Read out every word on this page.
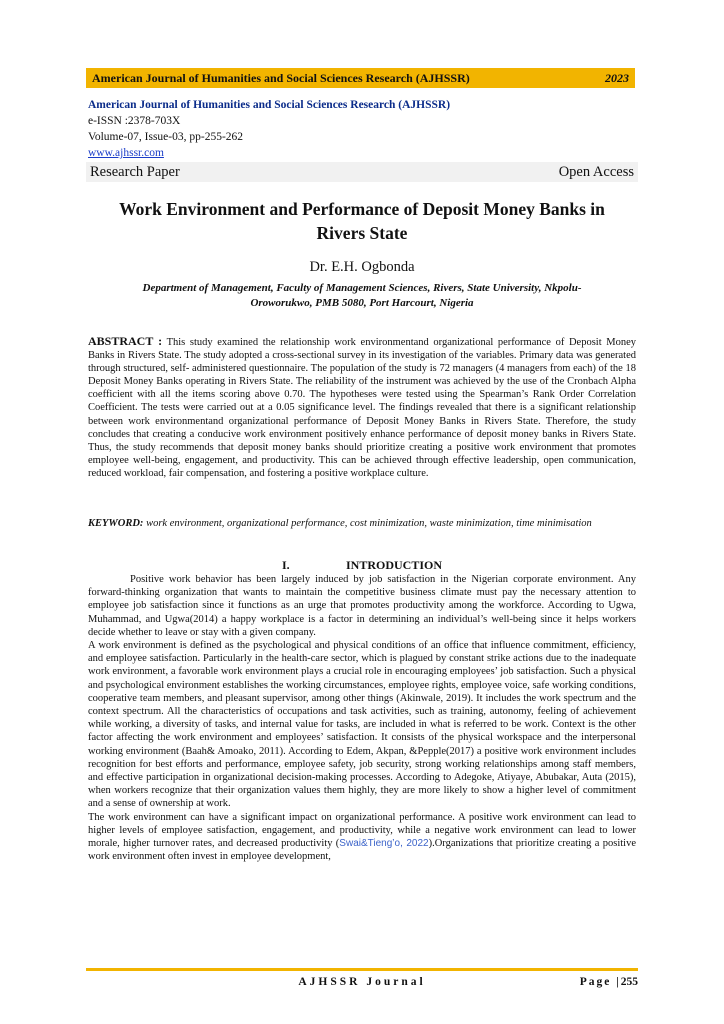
American Journal of Humanities and Social Sciences Research (AJHSSR)	2023
American Journal of Humanities and Social Sciences Research (AJHSSR)
e-ISSN :2378-703X
Volume-07, Issue-03, pp-255-262
www.ajhssr.com
Research Paper	Open Access
Work Environment and Performance of Deposit Money Banks in
Rivers State
Dr. E.H. Ogbonda
Department of Management, Faculty of Management Sciences, Rivers, State University, Nkpolu-
Oroworukwo, PMB 5080, Port Harcourt, Nigeria
ABSTRACT : This study examined the relationship work environmentand organizational performance of Deposit Money Banks in Rivers State. The study adopted a cross-sectional survey in its investigation of the variables. Primary data was generated through structured, self- administered questionnaire. The population of the study is 72 managers (4 managers from each) of the 18 Deposit Money Banks operating in Rivers State. The reliability of the instrument was achieved by the use of the Cronbach Alpha coefficient with all the items scoring above 0.70. The hypotheses were tested using the Spearman’s Rank Order Correlation Coefficient. The tests were carried out at a 0.05 significance level. The findings revealed that there is a significant relationship between work environmentand organizational performance of Deposit Money Banks in Rivers State. Therefore, the study concludes that creating a conducive work environment positively enhance performance of deposit money banks in Rivers State. Thus, the study recommends that deposit money banks should prioritize creating a positive work environment that promotes employee well-being, engagement, and productivity. This can be achieved through effective leadership, open communication, reduced workload, fair compensation, and fostering a positive workplace culture.
KEYWORD: work environment, organizational performance, cost minimization, waste minimization, time minimisation
I.	INTRODUCTION

Positive work behavior has been largely induced by job satisfaction in the Nigerian corporate environment. Any forward-thinking organization that wants to maintain the competitive business climate must pay the necessary attention to employee job satisfaction since it functions as an urge that promotes productivity among the workforce. According to Ugwa, Muhammad, and Ugwa(2014) a happy workplace is a factor in determining an individual’s well-being since it helps workers decide whether to leave or stay with a given company.

A work environment is defined as the psychological and physical conditions of an office that influence commitment, efficiency, and employee satisfaction. Particularly in the health-care sector, which is plagued by constant strike actions due to the inadequate work environment, a favorable work environment plays a crucial role in encouraging employees’ job satisfaction. Such a physical and psychological environment establishes the working circumstances, employee rights, employee voice, safe working conditions, cooperative team members, and pleasant supervisor, among other things (Akinwale, 2019). It includes the work spectrum and the context spectrum. All the characteristics of occupations and task activities, such as training, autonomy, feeling of achievement while working, a diversity of tasks, and internal value for tasks, are included in what is referred to be work. Context is the other factor affecting the work environment and employees’ satisfaction. It consists of the physical workspace and the interpersonal working environment (Baah& Amoako, 2011). According to Edem, Akpan, &Pepple(2017) a positive work environment includes recognition for best efforts and performance, employee safety, job security, strong working relationships among staff members, and effective participation in organizational decision-making processes. According to Adegoke, Atiyaye, Abubakar, Auta (2015), when workers recognize that their organization values them highly, they are more likely to show a higher level of commitment and a sense of ownership at work.

The work environment can have a significant impact on organizational performance. A positive work environment can lead to higher levels of employee satisfaction, engagement, and productivity, while a negative work environment can lead to lower morale, higher turnover rates, and decreased productivity (Swai&Tieng’o, 2022).Organizations that prioritize creating a positive work environment often invest in employee development,

AJHSSR Journal	Page |255
